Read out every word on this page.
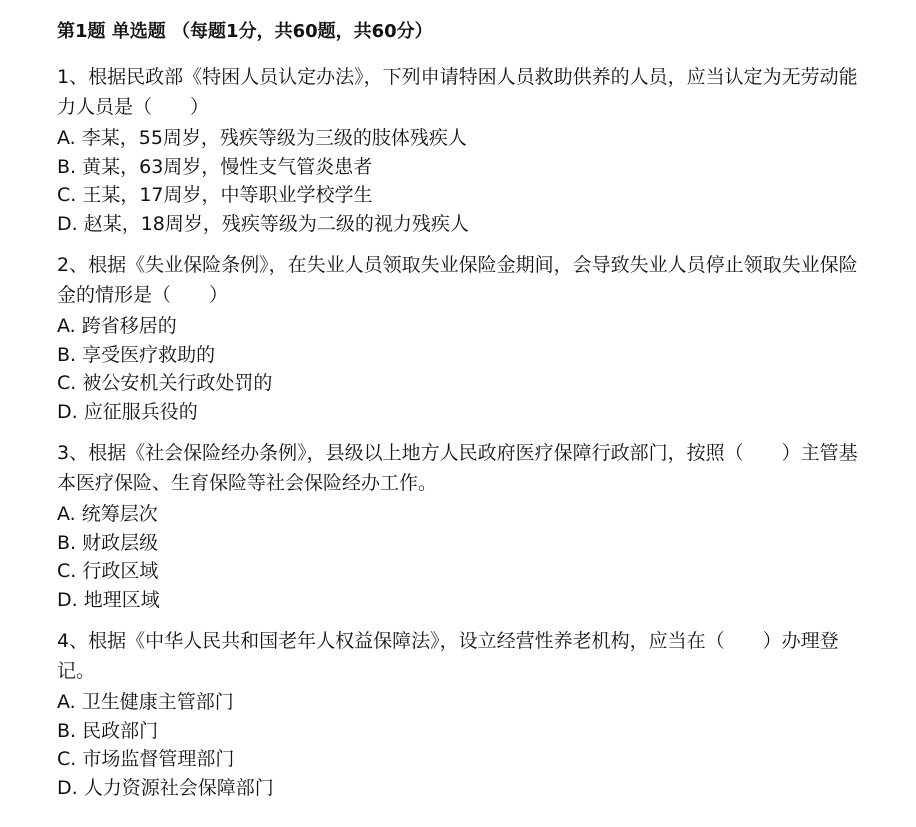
第1题 单选题 （每题1分，共60题，共60分）
1、根据民政部《特困人员认定办法》，下列申请特困人员救助供养的人员，应当认定为无劳动能力人员是（　　）
A. 李某，55周岁，残疾等级为三级的肢体残疾人
B. 黄某，63周岁，慢性支气管炎患者
C. 王某，17周岁，中等职业学校学生
D. 赵某，18周岁，残疾等级为二级的视力残疾人
2、根据《失业保险条例》，在失业人员领取失业保险金期间，会导致失业人员停止领取失业保险金的情形是（　　）
A. 跨省移居的
B. 享受医疗救助的
C. 被公安机关行政处罚的
D. 应征服兵役的
3、根据《社会保险经办条例》，县级以上地方人民政府医疗保障行政部门，按照（　　）主管基本医疗保险、生育保险等社会保险经办工作。
A. 统筹层次
B. 财政层级
C. 行政区域
D. 地理区域
4、根据《中华人民共和国老年人权益保障法》，设立经营性养老机构，应当在（　　）办理登记。
A. 卫生健康主管部门
B. 民政部门
C. 市场监督管理部门
D. 人力资源社会保障部门
